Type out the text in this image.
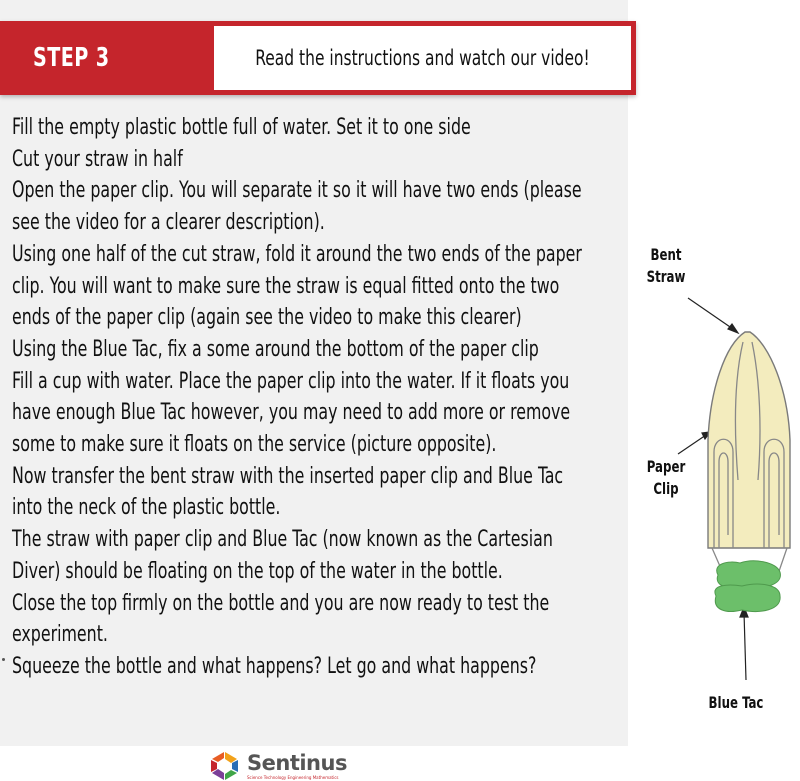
STEP 3	Read the instructions and watch our video!
Fill the empty plastic bottle full of water. Set it to one side
Cut your straw in half
Open the paper clip. You will separate it so it will have two ends (please
see the video for a clearer description).
Using one half of the cut straw, fold it around the two ends of the paper
clip. You will want to make sure the straw is equal fitted onto the two
ends of the paper clip (again see the video to make this clearer)
Using the Blue Tac, fix a some around the bottom of the paper clip
Fill a cup with water. Place the paper clip into the water. If it floats you
have enough Blue Tac however, you may need to add more or remove
some to make sure it floats on the service (picture opposite).
Now transfer the bent straw with the inserted paper clip and Blue Tac
into the neck of the plastic bottle.
The straw with paper clip and Blue Tac (now known as the Cartesian
Diver) should be floating on the top of the water in the bottle.
Close the top firmly on the bottle and you are now ready to test the
experiment.
Squeeze the bottle and what happens? Let go and what happens?
Bent
Straw
Paper
Clip
Blue Tac
Sentinus
Science Technology Engineering Mathematics
